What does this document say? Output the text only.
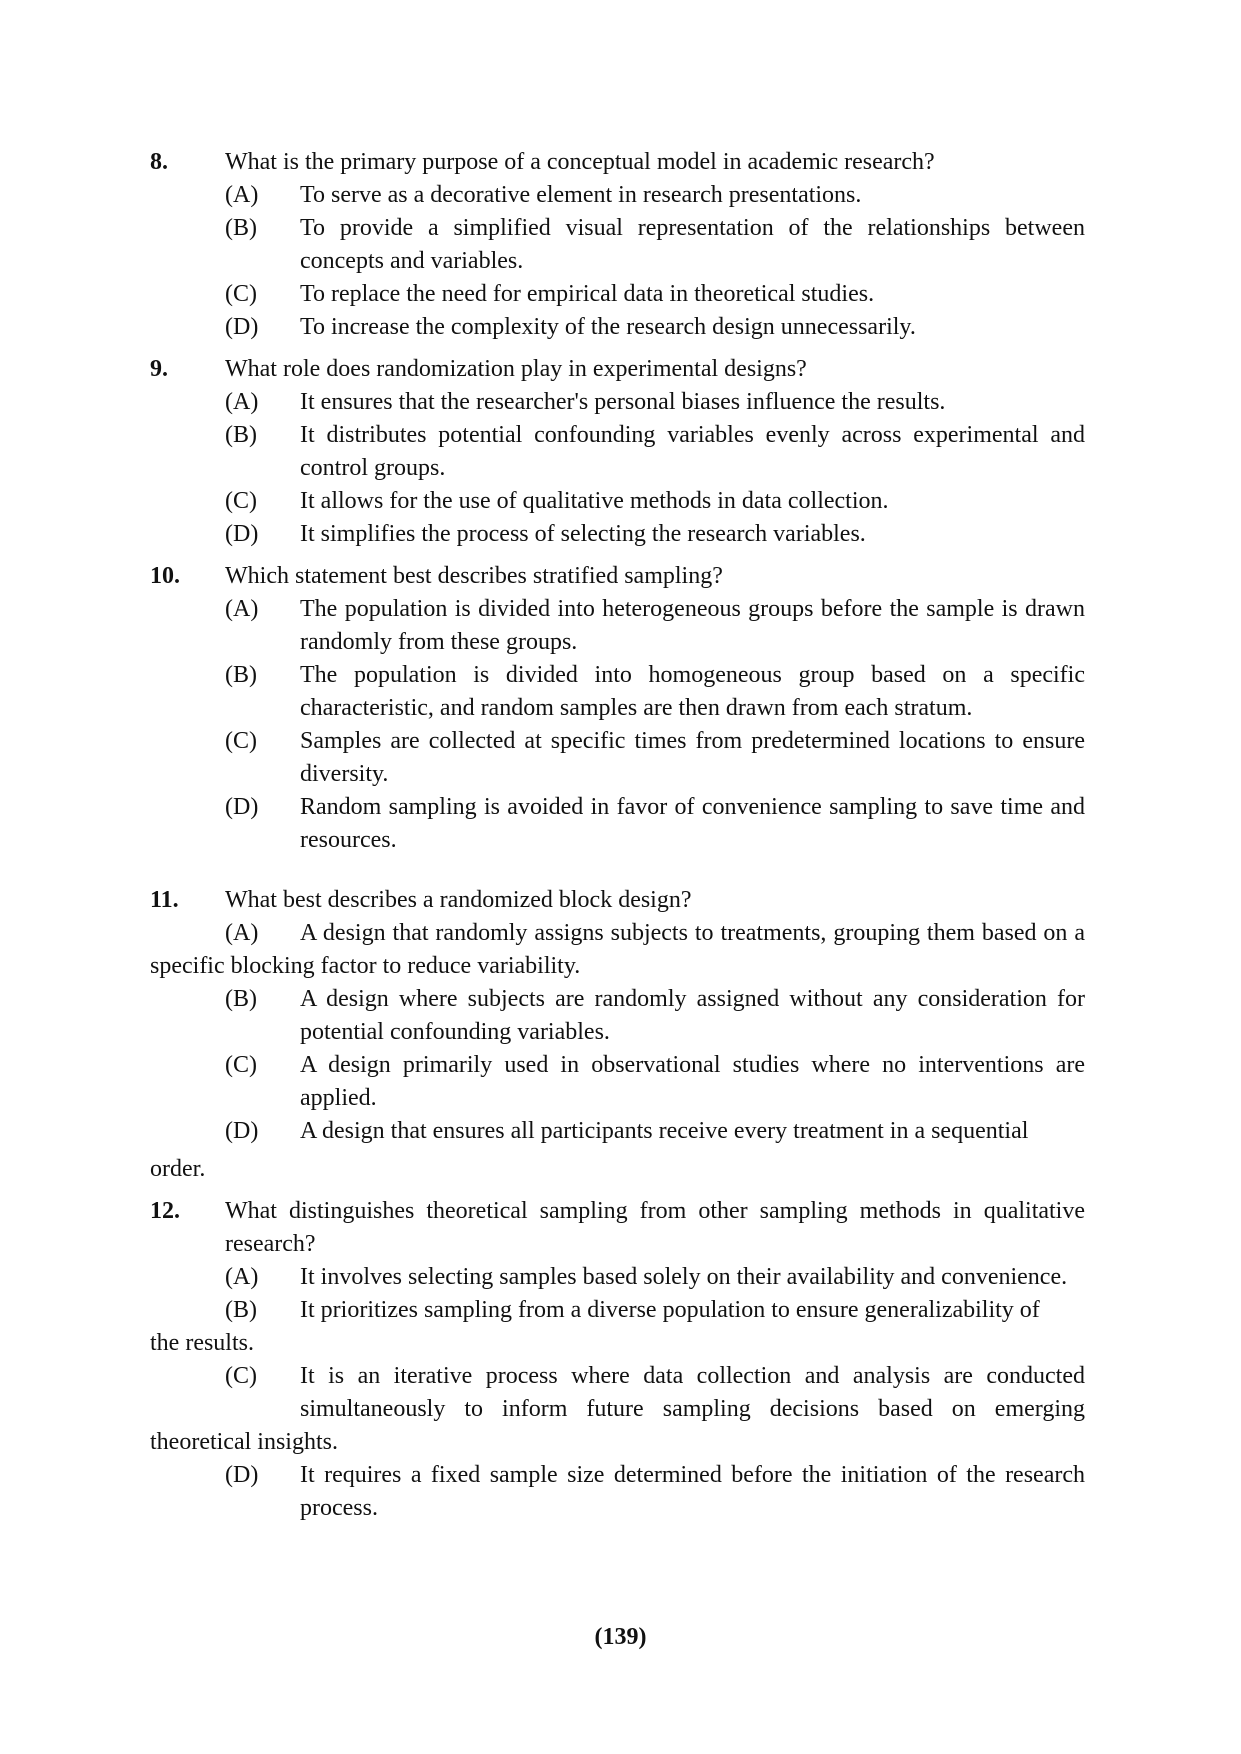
8.	What is the primary purpose of a conceptual model in academic research?
(A)	To serve as a decorative element in research presentations.
(B)	To provide a simplified visual representation of the relationships between concepts and variables.
(C)	To replace the need for empirical data in theoretical studies.
(D)	To increase the complexity of the research design unnecessarily.
9.	What role does randomization play in experimental designs?
(A)	It ensures that the researcher's personal biases influence the results.
(B)	It distributes potential confounding variables evenly across experimental and control groups.
(C)	It allows for the use of qualitative methods in data collection.
(D)	It simplifies the process of selecting the research variables.
10.	Which statement best describes stratified sampling?
(A)	The population is divided into heterogeneous groups before the sample is drawn randomly from these groups.
(B)	The population is divided into homogeneous group based on a specific characteristic, and random samples are then drawn from each stratum.
(C)	Samples are collected at specific times from predetermined locations to ensure diversity.
(D)	Random sampling is avoided in favor of convenience sampling to save time and resources.
11.	What best describes a randomized block design?
(A) A design that randomly assigns subjects to treatments, grouping them based on a specific blocking factor to reduce variability.
(B)	A design where subjects are randomly assigned without any consideration for potential confounding variables.
(C)	A design primarily used in observational studies where no interventions are applied.
(D)	A design that ensures all participants receive every treatment in a sequential
order.
12.	What distinguishes theoretical sampling from other sampling methods in qualitative research?
(A)	It involves selecting samples based solely on their availability and convenience.
(B)	It prioritizes sampling from a diverse population to ensure generalizability of
the results.
(C)	It is an iterative process where data collection and analysis are conducted
simultaneously to inform future sampling decisions based on emerging
theoretical insights.
(D)	It requires a fixed sample size determined before the initiation of the research process.
(139)
